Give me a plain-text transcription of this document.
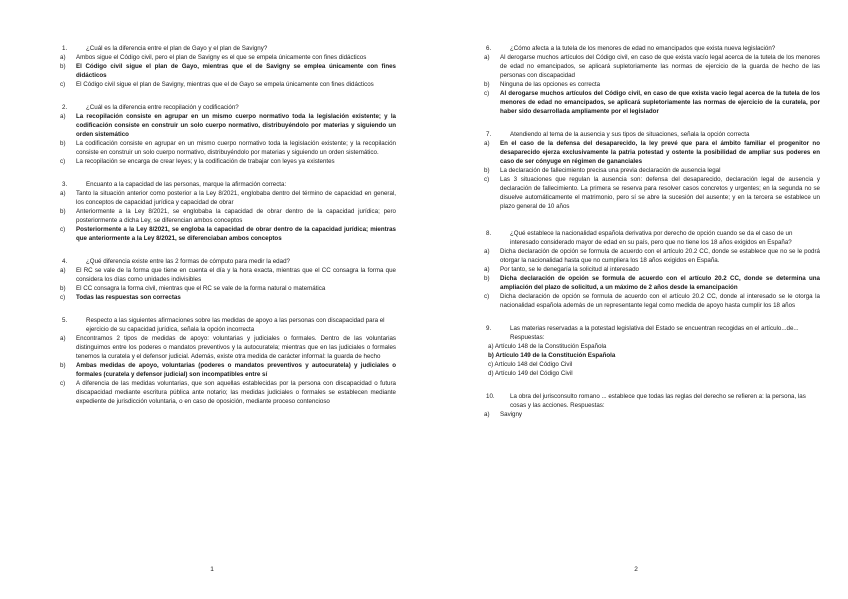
1.	¿Cuál es la diferencia entre el plan de Gayo y el plan de Savigny?
a)	Ambos sigue el Código civil, pero el plan de Savigny es el que se empela únicamente con fines didácticos
b)	El Código civil sigue el plan de Gayo, mientras que el de Savigny se emplea únicamente con fines didácticos
c)	El Código civil sigue el plan de Savigny, mientras que el de Gayo se empela únicamente con fines didácticos
2.	¿Cuál es la diferencia entre recopilación y codificación?
a)	La recopilación consiste en agrupar en un mismo cuerpo normativo toda la legislación existente; y la codificación consiste en construir un solo cuerpo normativo, distribuyéndolo por materias y siguiendo un orden sistemático
b)	La codificación consiste en agrupar en un mismo cuerpo normativo toda la legislación existente; y la recopilación consiste en construir un solo cuerpo normativo, distribuyéndolo por materias y siguiendo un orden sistemático.
c)	La recopilación se encarga de crear leyes; y la codificación de trabajar con leyes ya existentes
3.	Encuanto a la capacidad de las personas, marque la afirmación correcta:
a)	Tanto la situación anterior como posterior a la Ley 8/2021, englobaba dentro del término de capacidad en general, los conceptos de capacidad jurídica y capacidad de obrar
b)	Anteriormente a la Ley 8/2021, se englobaba la capacidad de obrar dentro de la capacidad jurídica; pero posteriormente a dicha Ley, se diferencian ambos conceptos
c)	Posteriormente a la Ley 8/2021, se engloba la capacidad de obrar dentro de la capacidad jurídica; mientras que anteriormente a la Ley 8/2021, se diferenciaban ambos conceptos
4.	¿Qué diferencia existe entre las 2 formas de cómputo para medir la edad?
a)	El RC se vale de la forma que tiene en cuenta el día y la hora exacta, mientras que el CC consagra la forma que considera los días como unidades indivisibles
b)	El CC consagra la forma civil, mientras que el RC se vale de la forma natural o matemática
c)	Todas las respuestas son correctas
5.	Respecto a las siguientes afirmaciones sobre las medidas de apoyo a las personas con discapacidad para el ejercicio de su capacidad jurídica, señala la opción incorrecta
a)	Encontramos 2 tipos de medidas de apoyo: voluntarias y judiciales o formales. Dentro de las voluntarias distinguimos entre los poderes o mandatos preventivos y la autocuratela; mientras que en las judiciales o formales tenemos la curatela y el defensor judicial. Además, existe otra medida de carácter informal: la guarda de hecho
b)	Ambas medidas de apoyo, voluntarias (poderes o mandatos preventivos y autocuratela) y judiciales o formales (curatela y defensor judicial) son incompatibles entre sí
c)	A diferencia de las medidas voluntarias, que son aquellas establecidas por la persona con discapacidad o futura discapacidad mediante escritura pública ante notario; las medidas judiciales o formales se establecen mediante expediente de jurisdicción voluntaria, o en caso de oposición, mediante proceso contencioso
1
6.	¿Cómo afecta a la tutela de los menores de edad no emancipados que exista nueva legislación?
a)	Al derogarse muchos artículos del Código civil, en caso de que exista vacío legal acerca de la tutela de los menores de edad no emancipados, se aplicará supletoriamente las normas de ejercicio de la guarda de hecho de las personas con discapacidad
b)	Ninguna de las opciones es correcta
c)	Al derogarse muchos artículos del Código civil, en caso de que exista vacío legal acerca de la tutela de los menores de edad no emancipados, se aplicará supletoriamente las normas de ejercicio de la curatela, por haber sido desarrollada ampliamente por el legislador
7.	Atendiendo al tema de la ausencia y sus tipos de situaciones, señala la opción correcta
a)	En el caso de la defensa del desaparecido, la ley prevé que para el ámbito familiar el progenitor no desaparecido ejerza exclusivamente la patria potestad y ostente la posibilidad de ampliar sus poderes en caso de ser cónyuge en régimen de gananciales
b)	La declaración de fallecimiento precisa una previa declaración de ausencia legal
c)	Las 3 situaciones que regulan la ausencia son: defensa del desaparecido, declaración legal de ausencia y declaración de fallecimiento. La primera se reserva para resolver casos concretos y urgentes; en la segunda no se disuelve automáticamente el matrimonio, pero sí se abre la sucesión del ausente; y en la tercera se establece un plazo general de 10 años
8.	¿Qué establece la nacionalidad española derivativa por derecho de opción cuando se da el caso de un interesado considerado mayor de edad en su país, pero que no tiene los 18 años exigidos en España?
a)	Dicha declaración de opción se formula de acuerdo con el artículo 20.2 CC, donde se establece que no se le podrá otorgar la nacionalidad hasta que no cumpliera los 18 años exigidos en España.
a)	Por tanto, se le denegaría la solicitud al interesado
b)	Dicha declaración de opción se formula de acuerdo con el artículo 20.2 CC, donde se determina una ampliación del plazo de solicitud, a un máximo de 2 años desde la emancipación
c)	Dicha declaración de opción se formula de acuerdo con el artículo 20.2 CC, donde al interesado se le otorga la nacionalidad española además de un representante legal como medida de apoyo hasta cumplir los 18 años
9.	Las materias reservadas a la potestad legislativa del Estado se encuentran recogidas en el artículo...de... Respuestas:
a) Artículo 148 de la Constitución Española
b) Artículo 149 de la Constitución Española
c) Artículo 148 del Código Civil
d) Artículo 149 del Código Civil
10.	La obra del jurisconsulto romano ... establece que todas las reglas del derecho se refieren a: la persona, las cosas y las acciones. Respuestas:
a)	Savigny
2
